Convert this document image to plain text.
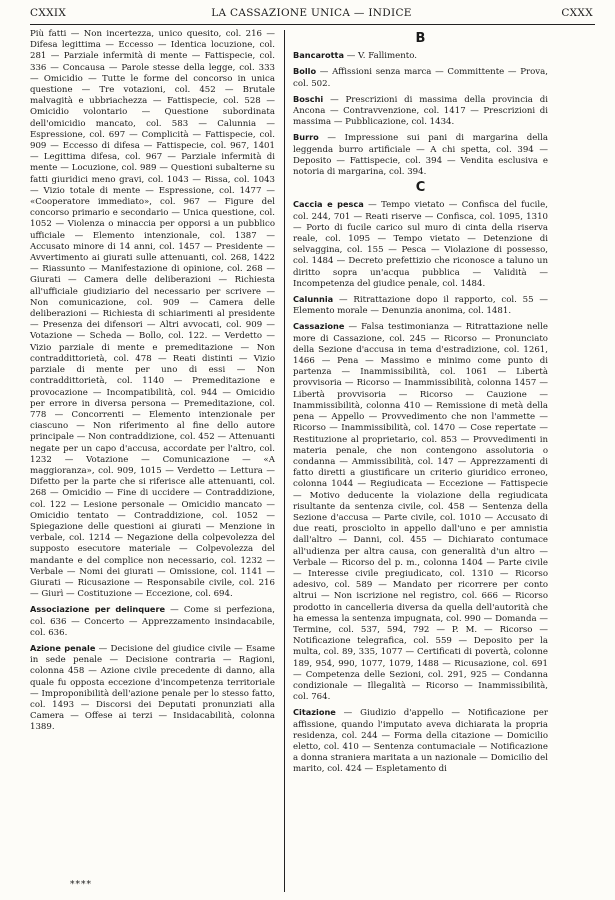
CXXIX	LA CASSAZIONE UNICA — INDICE	CXXX

Più fatti — Non incertezza, unico quesito, col. 216 — Difesa legittima — Eccesso — Identica locuzione, col. 281 — Parziale infermità di mente — Fattispecie, col. 336 — Concausa — Parole stesse della legge, col. 333 — Omicidio — Tutte le forme del concorso in unica questione — Tre votazioni, col. 452 — Brutale malvagità e ubbriachezza — Fattispecie, col. 528 — Omicidio volontario — Questione subordinata dell'omicidio mancato, col. 583 — Calunnia — Espressione, col. 697 — Complicità — Fattispecie, col. 909 — Eccesso di difesa — Fattispecie, col. 967, 1401 — Legittima difesa, col. 967 — Parziale infermità di mente — Locuzione, col. 989 — Questioni subalterne su fatti giuridici meno gravi, col. 1043 — Rissa, col. 1043 — Vizio totale di mente — Espressione, col. 1477 — «Cooperatore immediato», col. 967 — Figure del concorso primario e secondario — Unica questione, col. 1052 — Violenza o minaccia per opporsi a un pubblico ufficiale — Elemento intenzionale, col. 1387 — Accusato minore di 14 anni, col. 1457 — Presidente — Avvertimento ai giurati sulle attenuanti, col. 268, 1422 — Riassunto — Manifestazione di opinione, col. 268 — Giurati — Camera delle deliberazioni — Richiesta all'ufficiale giudiziario del necessario per scrivere — Non comunicazione, col. 909 — Camera delle deliberazioni — Richiesta di schiarimenti al presidente — Presenza dei difensori — Altri avvocati, col. 909 — Votazione — Scheda — Bollo, col. 122. — Verdetto — Vizio parziale di mente e premeditazione — Non contraddittorietà, col. 478 — Reati distinti — Vizio parziale di mente per uno di essi — Non contraddittorietà, col. 1140 — Premeditazione e provocazione — Incompatibilità, col. 944 — Omicidio per errore in diversa persona — Premeditazione, col. 778 — Concorrenti — Elemento intenzionale per ciascuno — Non riferimento al fine dello autore principale — Non contraddizione, col. 452 — Attenuanti negate per un capo d'accusa, accordate per l'altro, col. 1232 — Votazione — Comunicazione — «A maggioranza», col. 909, 1015 — Verdetto — Lettura — Difetto per la parte che si riferisce alle attenuanti, col. 268 — Omicidio — Fine di uccidere — Contraddizione, col. 122 — Lesione personale — Omicidio mancato — Omicidio tentato — Contraddizione, col. 1052 — Spiegazione delle questioni ai giurati — Menzione in verbale, col. 1214 — Negazione della colpevolezza del supposto esecutore materiale — Colpevolezza del mandante e del complice non necessario, col. 1232 — Verbale — Nomi dei giurati — Omissione, col. 1141 — Giurati — Ricusazione — Responsabile civile, col. 216 — Giurì — Costituzione — Eccezione, col. 694.

Associazione per delinquere — Come si perfeziona, col. 636 — Concerto — Apprezzamento insindacabile, col. 636.

Azione penale — Decisione del giudice civile — Esame in sede penale — Decisione contraria — Ragioni, colonna 458 — Azione civile precedente di danno, alla quale fu opposta eccezione d'incompetenza territoriale — Improponibilità dell'azione penale per lo stesso fatto, col. 1493 — Discorsi dei Deputati pronunziati alla Camera — Offese ai terzi — Insidacabilità, colonna 1389.

****
B

Bancarotta — V. Fallimento.

Bollo — Affissioni senza marca — Committente — Prova, col. 502.

Boschi — Prescrizioni di massima della provincia di Ancona — Contravvenzione, col. 1417 — Prescrizioni di massima — Pubblicazione, col. 1434.

Burro — Impressione sui pani di margarina della leggenda burro artificiale — A chi spetta, col. 394 — Deposito — Fattispecie, col. 394 — Vendita esclusiva e notoria di margarina, col. 394.

C

Caccia e pesca — Tempo vietato — Confisca del fucile, col. 244, 701 — Reati riserve — Confisca, col. 1095, 1310 — Porto di fucile carico sul muro di cinta della riserva reale, col. 1095 — Tempo vietato — Detenzione di selvaggina, col. 155 — Pesca — Violazione di possesso, col. 1484 — Decreto prefettizio che riconosce a taluno un diritto sopra un'acqua pubblica — Validità — Incompetenza del giudice penale, col. 1484.

Calunnia — Ritrattazione dopo il rapporto, col. 55 — Elemento morale — Denunzia anonima, col. 1481.

Cassazione — Falsa testimonianza — Ritrattazione nelle more di Cassazione, col. 245 — Ricorso — Pronunciato della Sezione d'accusa in tema d'estradizione, col. 1261, 1466 — Pena — Massimo e minimo come punto di partenza — Inammissibilità, col. 1061 — Libertà provvisoria — Ricorso — Inammissibilità, colonna 1457 — Libertà provvisoria — Ricorso — Cauzione — Inammissibilità, colonna 410 — Remissione di metà della pena — Appello — Provvedimento che non l'ammette — Ricorso — Inammissibilità, col. 1470 — Cose repertate — Restituzione al proprietario, col. 853 — Provvedimenti in materia penale, che non contengono assolutoria o condanna — Ammissibilità, col. 147 — Apprezzamenti di fatto diretti a giustificare un criterio giuridico erroneo, colonna 1044 — Regiudicata — Eccezione — Fattispecie — Motivo deducente la violazione della regiudicata risultante da sentenza civile, col. 458 — Sentenza della Sezione d'accusa — Parte civile, col. 1010 — Accusato di due reati, prosciolto in appello dall'uno e per amnistia dall'altro — Danni, col. 455 — Dichiarato contumace all'udienza per altra causa, con generalità d'un altro — Verbale — Ricorso del p. m., colonna 1404 — Parte civile — Interesse civile pregiudicato, col. 1310 — Ricorso adesivo, col. 589 — Mandato per ricorrere per conto altrui — Non iscrizione nel registro, col. 666 — Ricorso prodotto in cancelleria diversa da quella dell'autorità che ha emessa la sentenza impugnata, col. 990 — Domanda — Termine, col. 537, 594, 792 — P. M. — Ricorso — Notificazione telegrafica, col. 559 — Deposito per la multa, col. 89, 335, 1077 — Certificati di povertà, colonne 189, 954, 990, 1077, 1079, 1488 — Ricusazione, col. 691 — Competenza delle Sezioni, col. 291, 925 — Condanna condizionale — Illegalità — Ricorso — Inammissibilità, col. 764.

Citazione — Giudizio d'appello — Notificazione per affissione, quando l'imputato aveva dichiarata la propria residenza, col. 244 — Forma della citazione — Domicilio eletto, col. 410 — Sentenza contumaciale — Notificazione a donna straniera maritata a un nazionale — Domicilio del marito, col. 424 — Espletamento di
